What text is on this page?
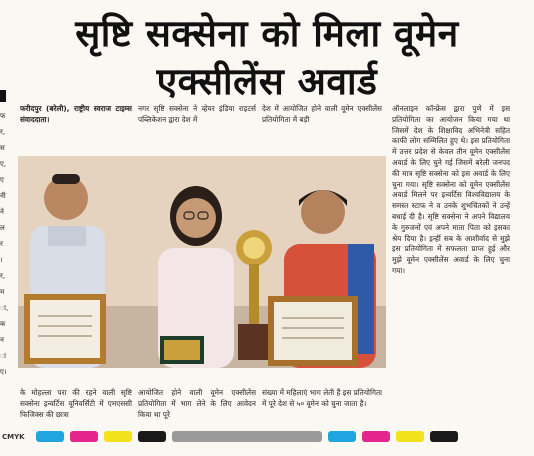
सृष्टि सक्सेना को मिला वूमेन
एक्सीलेंस अवार्ड
फ
र,
स
ए,
ए
नी
ने
ल
र
।
र,
म
ा,
क
न
ा
ए।
फरीदपुर (बरेली), राष्ट्रीय स्वराज टाइम्स संवाददाता।
नगर सृष्टि सक्सेना ने व्हेयर इंडिया राइटर्स पब्लिकेशन द्वारा देश में
देश में आयोजित होने वाली वूमेन एक्सीलेंस प्रतियोगिता में बड़ी
ऑनलाइन कॉन्फ्रेंस द्वारा पुणे में इस प्रतियोगिता का आयोजन किया गया था जिसमें देश के शिक्षाविद अभिनेत्री सहित काफी लोग सम्मिलित हुए थे। इस प्रतियोगिता में उत्तर प्रदेश से केवल तीन वूमेन एक्सीलेंस अवार्ड के लिए चुने गई जिसमें बरेली जनपद की मात्र सृष्टि सक्सेना को इस अवार्ड के लिए चुना गया। सृष्टि सक्सेना को वूमेन एक्सीलेंस अवार्ड मिलने पर इन्वर्टिस विश्वविद्यालय के समस्त स्टाफ ने व उनके शुभचिंतकों ने उन्हें बधाई दी है। सृष्टि सक्सेना ने अपने विद्यालय के गुरुजनों एवं अपने माता पिता को इसका श्रेय दिया है। इन्हीं सब के आशीर्वाद से मुझे इस प्रतियोगिता में सफलता प्राप्त हुई और मुझे वूमेन एक्सीलेंस अवार्ड के लिए चुना गया।
के मोहल्ला परा की रहने वाली सृष्टि सक्सेना इन्वर्टिस यूनिवर्सिटी में एमएससी फिजिक्स की छात्रा
आयोजित होने वाली वूमेन एक्सीलेंस प्रतियोगिता में भाग लेने के लिए आवेदन किया था पूरे
संख्या में महिलाएं भाग लेती हैं इस प्रतियोगिता में पूरे देश से ५० वूमेन को चुना जाता है।
CMYK
